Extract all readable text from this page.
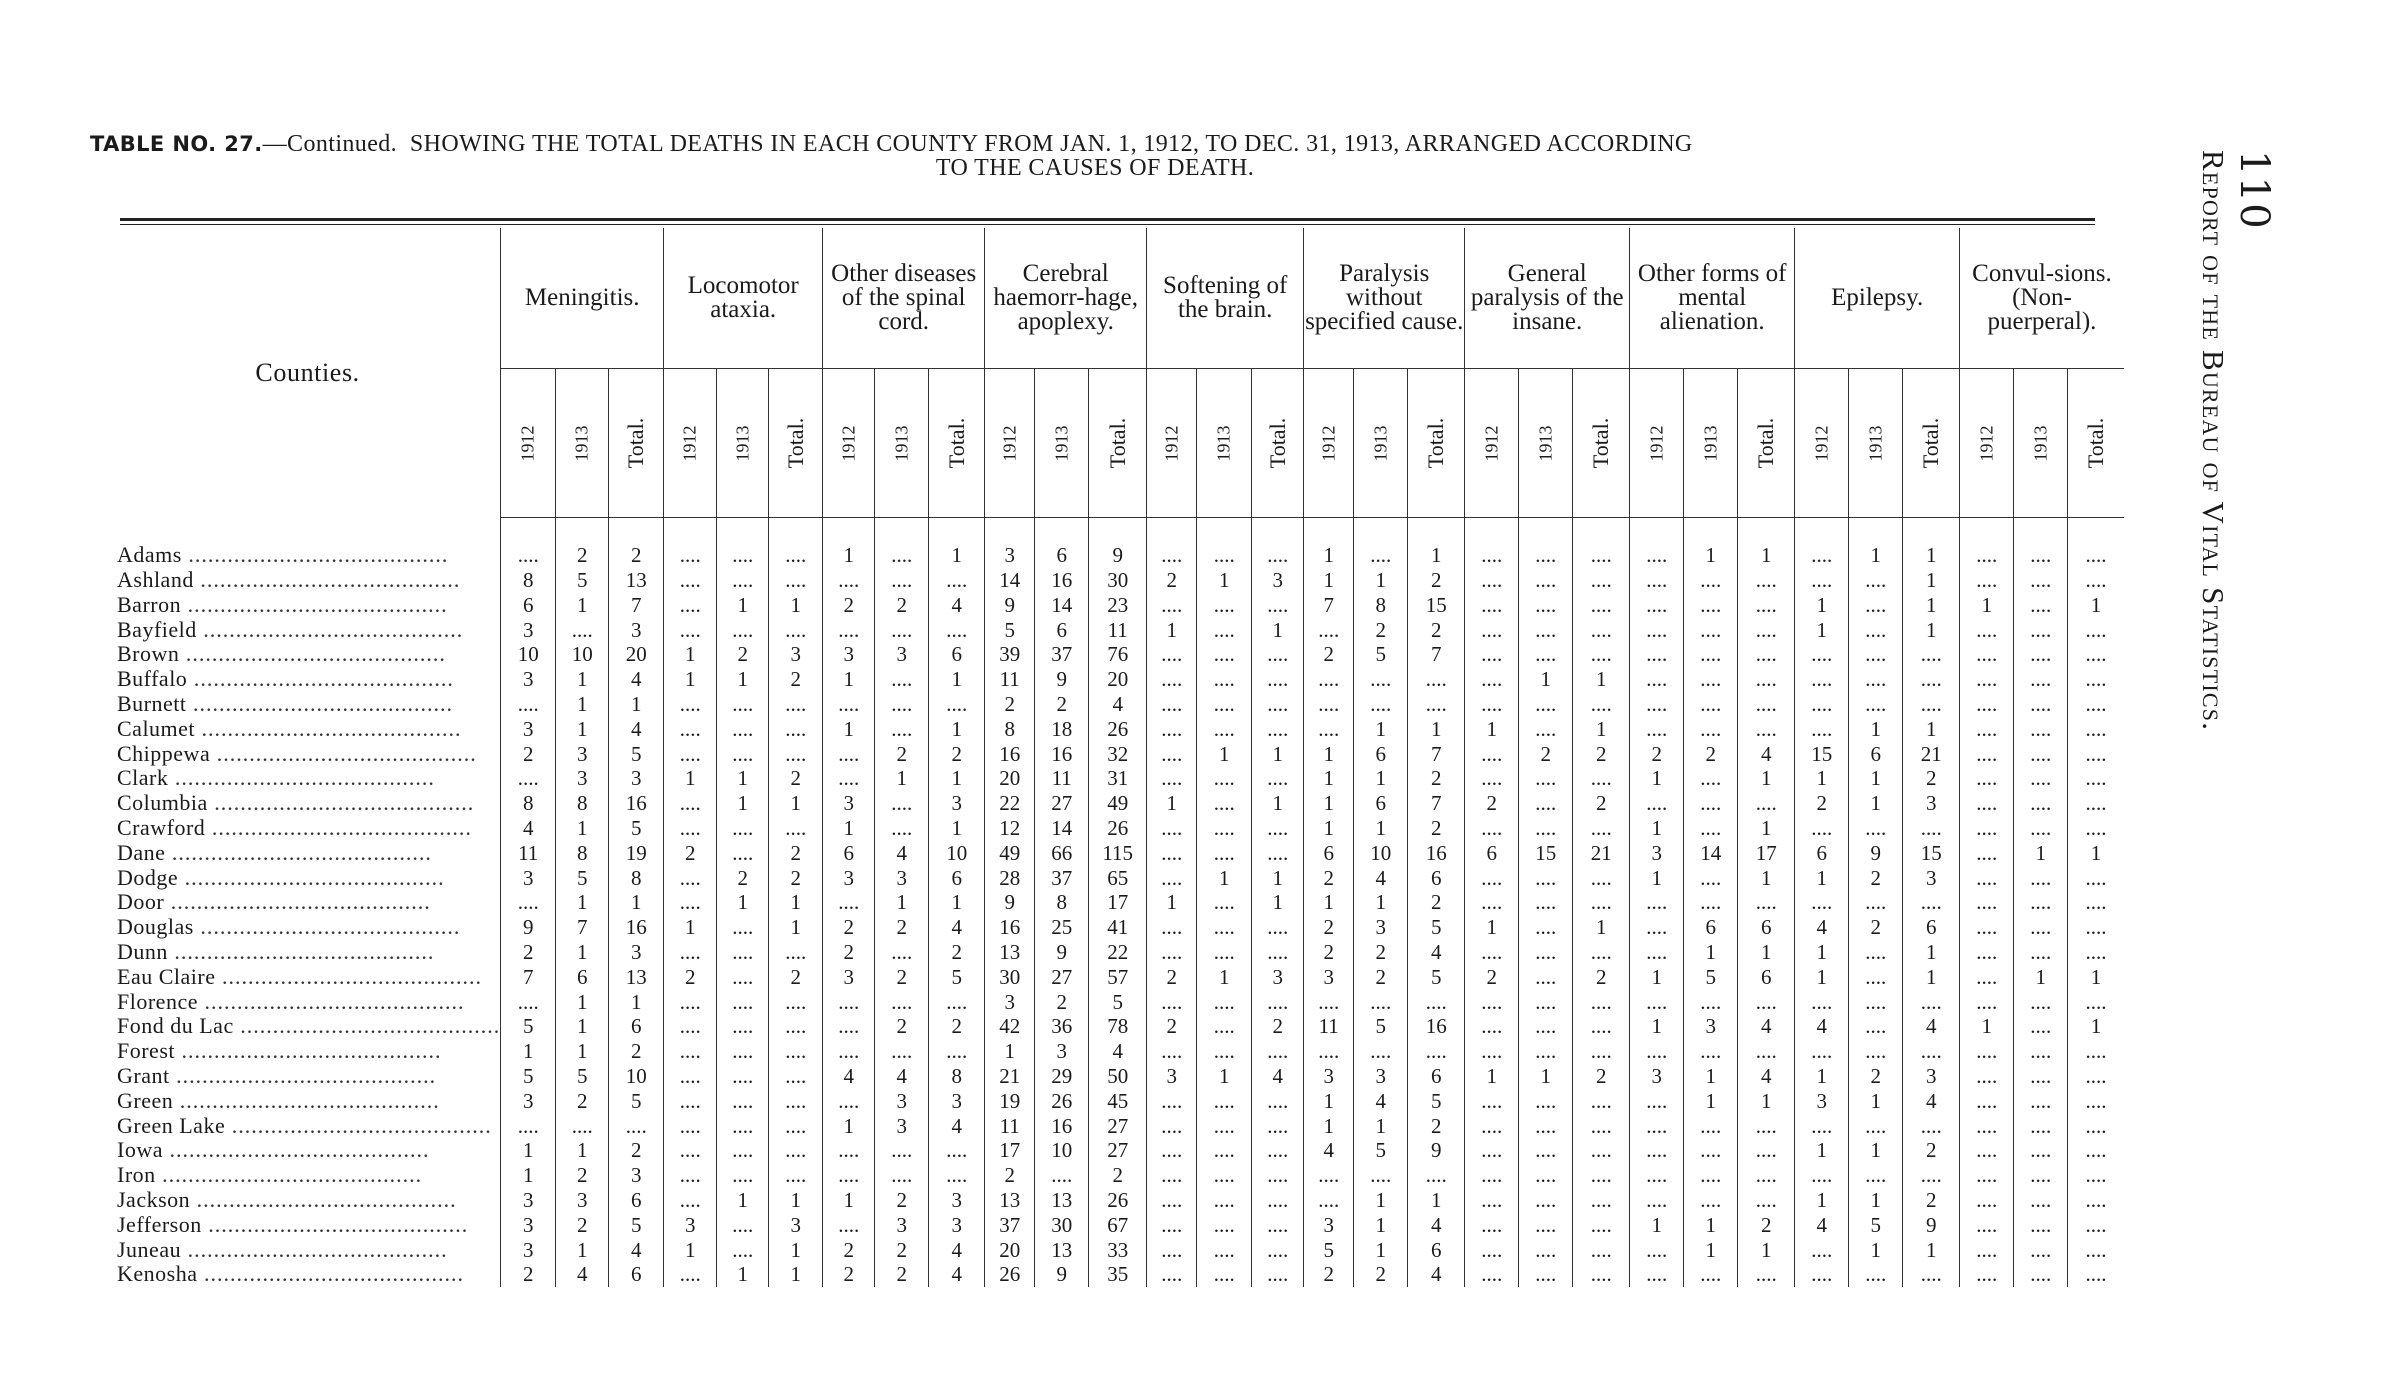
TABLE NO. 27.—Continued. SHOWING THE TOTAL DEATHS IN EACH COUNTY FROM JAN. 1, 1912, TO DEC. 31, 1913, ARRANGED ACCORDING
TO THE CAUSES OF DEATH.	110
Report of the Bureau of Vital Statistics.
Counties.	Meningitis.			Locomotor ataxia.			Other diseases of the spinal cord.			Cerebral haemorr-hage, apoplexy.			Softening of the brain.			Paralysis without specified cause.			General paralysis of the insane.			Other forms of mental alienation.			Epilepsy.			Convul-sions. (Non-puerperal).		
	1912	1913	Total.	1912	1913	Total.	1912	1913	Total.	1912	1913	Total.	1912	1913	Total.	1912	1913	Total.	1912	1913	Total.	1912	1913	Total.	1912	1913	Total.	1912	1913	Total.

Adams ........................................	....	2	2	....	....	....	1	....	1	3	6	9	....	....	....	1	....	1	....	....	....	....	1	1	....	1	1	....	....	....
Ashland ........................................	8	5	13	....	....	....	....	....	....	14	16	30	2	1	3	1	1	2	....	....	....	....	....	....	....	....	1	....	....	....
Barron ........................................	6	1	7	....	1	1	2	2	4	9	14	23	....	....	....	7	8	15	....	....	....	....	....	....	1	....	1	1	....	1
Bayfield ........................................	3	....	3	....	....	....	....	....	....	5	6	11	1	....	1	....	2	2	....	....	....	....	....	....	1	....	1	....	....	....
Brown ........................................	10	10	20	1	2	3	3	3	6	39	37	76	....	....	....	2	5	7	....	....	....	....	....	....	....	....	....	....	....	....
Buffalo ........................................	3	1	4	1	1	2	1	....	1	11	9	20	....	....	....	....	....	....	....	1	1	....	....	....	....	....	....	....	....	....
Burnett ........................................	....	1	1	....	....	....	....	....	....	2	2	4	....	....	....	....	....	....	....	....	....	....	....	....	....	....	....	....	....	....
Calumet ........................................	3	1	4	....	....	....	1	....	1	8	18	26	....	....	....	....	1	1	1	....	1	....	....	....	....	1	1	....	....	....
Chippewa ........................................	2	3	5	....	....	....	....	2	2	16	16	32	....	1	1	1	6	7	....	2	2	2	2	4	15	6	21	....	....	....
Clark ........................................	....	3	3	1	1	2	....	1	1	20	11	31	....	....	....	1	1	2	....	....	....	1	....	1	1	1	2	....	....	....
Columbia ........................................	8	8	16	....	1	1	3	....	3	22	27	49	1	....	1	1	6	7	2	....	2	....	....	....	2	1	3	....	....	....
Crawford ........................................	4	1	5	....	....	....	1	....	1	12	14	26	....	....	....	1	1	2	....	....	....	1	....	1	....	....	....	....	....	....
Dane ........................................	11	8	19	2	....	2	6	4	10	49	66	115	....	....	....	6	10	16	6	15	21	3	14	17	6	9	15	....	1	1
Dodge ........................................	3	5	8	....	2	2	3	3	6	28	37	65	....	1	1	2	4	6	....	....	....	1	....	1	1	2	3	....	....	....
Door ........................................	....	1	1	....	1	1	....	1	1	9	8	17	1	....	1	1	1	2	....	....	....	....	....	....	....	....	....	....	....	....
Douglas ........................................	9	7	16	1	....	1	2	2	4	16	25	41	....	....	....	2	3	5	1	....	1	....	6	6	4	2	6	....	....	....
Dunn ........................................	2	1	3	....	....	....	2	....	2	13	9	22	....	....	....	2	2	4	....	....	....	....	1	1	1	....	1	....	....	....
Eau Claire ........................................	7	6	13	2	....	2	3	2	5	30	27	57	2	1	3	3	2	5	2	....	2	1	5	6	1	....	1	....	1	1
Florence ........................................	....	1	1	....	....	....	....	....	....	3	2	5	....	....	....	....	....	....	....	....	....	....	....	....	....	....	....	....	....	....
Fond du Lac ........................................	5	1	6	....	....	....	....	2	2	42	36	78	2	....	2	11	5	16	....	....	....	1	3	4	4	....	4	1	....	1
Forest ........................................	1	1	2	....	....	....	....	....	....	1	3	4	....	....	....	....	....	....	....	....	....	....	....	....	....	....	....	....	....	....
Grant ........................................	5	5	10	....	....	....	4	4	8	21	29	50	3	1	4	3	3	6	1	1	2	3	1	4	1	2	3	....	....	....
Green ........................................	3	2	5	....	....	....	....	3	3	19	26	45	....	....	....	1	4	5	....	....	....	....	1	1	3	1	4	....	....	....
Green Lake ........................................	....	....	....	....	....	....	1	3	4	11	16	27	....	....	....	1	1	2	....	....	....	....	....	....	....	....	....	....	....	....
Iowa ........................................	1	1	2	....	....	....	....	....	....	17	10	27	....	....	....	4	5	9	....	....	....	....	....	....	1	1	2	....	....	....
Iron ........................................	1	2	3	....	....	....	....	....	....	2	....	2	....	....	....	....	....	....	....	....	....	....	....	....	....	....	....	....	....	....
Jackson ........................................	3	3	6	....	1	1	1	2	3	13	13	26	....	....	....	....	1	1	....	....	....	....	....	....	1	1	2	....	....	....
Jefferson ........................................	3	2	5	3	....	3	....	3	3	37	30	67	....	....	....	3	1	4	....	....	....	1	1	2	4	5	9	....	....	....
Juneau ........................................	3	1	4	1	....	1	2	2	4	20	13	33	....	....	....	5	1	6	....	....	....	....	1	1	....	1	1	....	....	....
Kenosha ........................................	2	4	6	....	1	1	2	2	4	26	9	35	....	....	....	2	2	4	....	....	....	....	....	....	....	....	....	....	....	....
